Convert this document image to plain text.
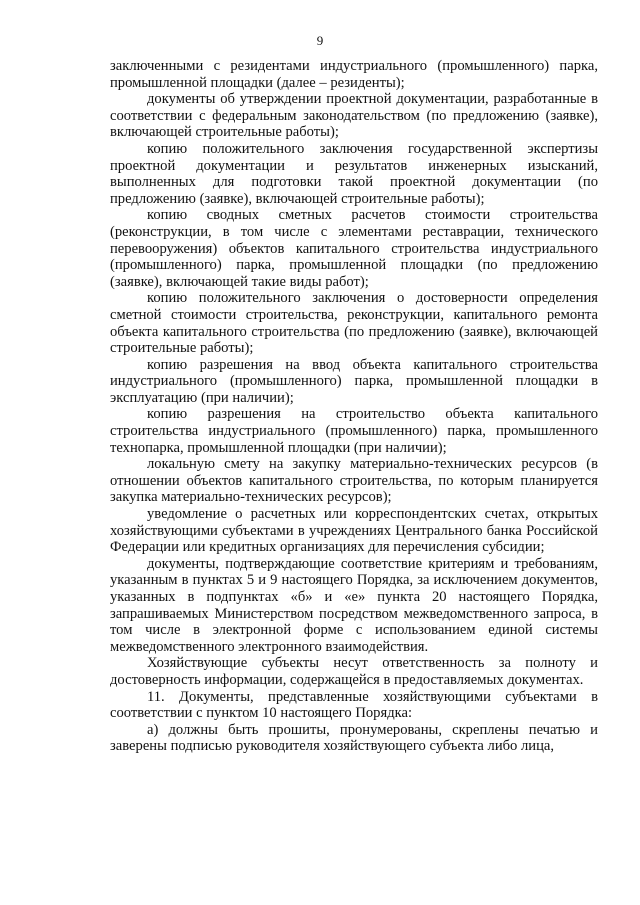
9

заключенными с резидентами индустриального (промышленного) парка, промышленной площадки (далее – резиденты);

документы об утверждении проектной документации, разработанные в соответствии с федеральным законодательством (по предложению (заявке), включающей строительные работы);

копию положительного заключения государственной экспертизы проектной документации и результатов инженерных изысканий, выполненных для подготовки такой проектной документации (по предложению (заявке), включающей строительные работы);

копию сводных сметных расчетов стоимости строительства (реконструкции, в том числе с элементами реставрации, технического перевооружения) объектов капитального строительства индустриального (промышленного) парка, промышленной площадки (по предложению (заявке), включающей такие виды работ);

копию положительного заключения о достоверности определения сметной стоимости строительства, реконструкции, капитального ремонта объекта капитального строительства (по предложению (заявке), включающей строительные работы);

копию разрешения на ввод объекта капитального строительства индустриального (промышленного) парка, промышленной площадки в эксплуатацию (при наличии);

копию разрешения на строительство объекта капитального строительства индустриального (промышленного) парка, промышленного технопарка, промышленной площадки (при наличии);

локальную смету на закупку материально-технических ресурсов (в отношении объектов капитального строительства, по которым планируется закупка материально-технических ресурсов);

уведомление о расчетных или корреспондентских счетах, открытых хозяйствующими субъектами в учреждениях Центрального банка Российской Федерации или кредитных организациях для перечисления субсидии;

документы, подтверждающие соответствие критериям и требованиям, указанным в пунктах 5 и 9 настоящего Порядка, за исключением документов, указанных в подпунктах «б» и «е» пункта 20 настоящего Порядка, запрашиваемых Министерством посредством межведомственного запроса, в том числе в электронной форме с использованием единой системы межведомственного электронного взаимодействия.

Хозяйствующие субъекты несут ответственность за полноту и достоверность информации, содержащейся в предоставляемых документах.

11. Документы, представленные хозяйствующими субъектами в соответствии с пунктом 10 настоящего Порядка:

а) должны быть прошиты, пронумерованы, скреплены печатью и заверены подписью руководителя хозяйствующего субъекта либо лица,
